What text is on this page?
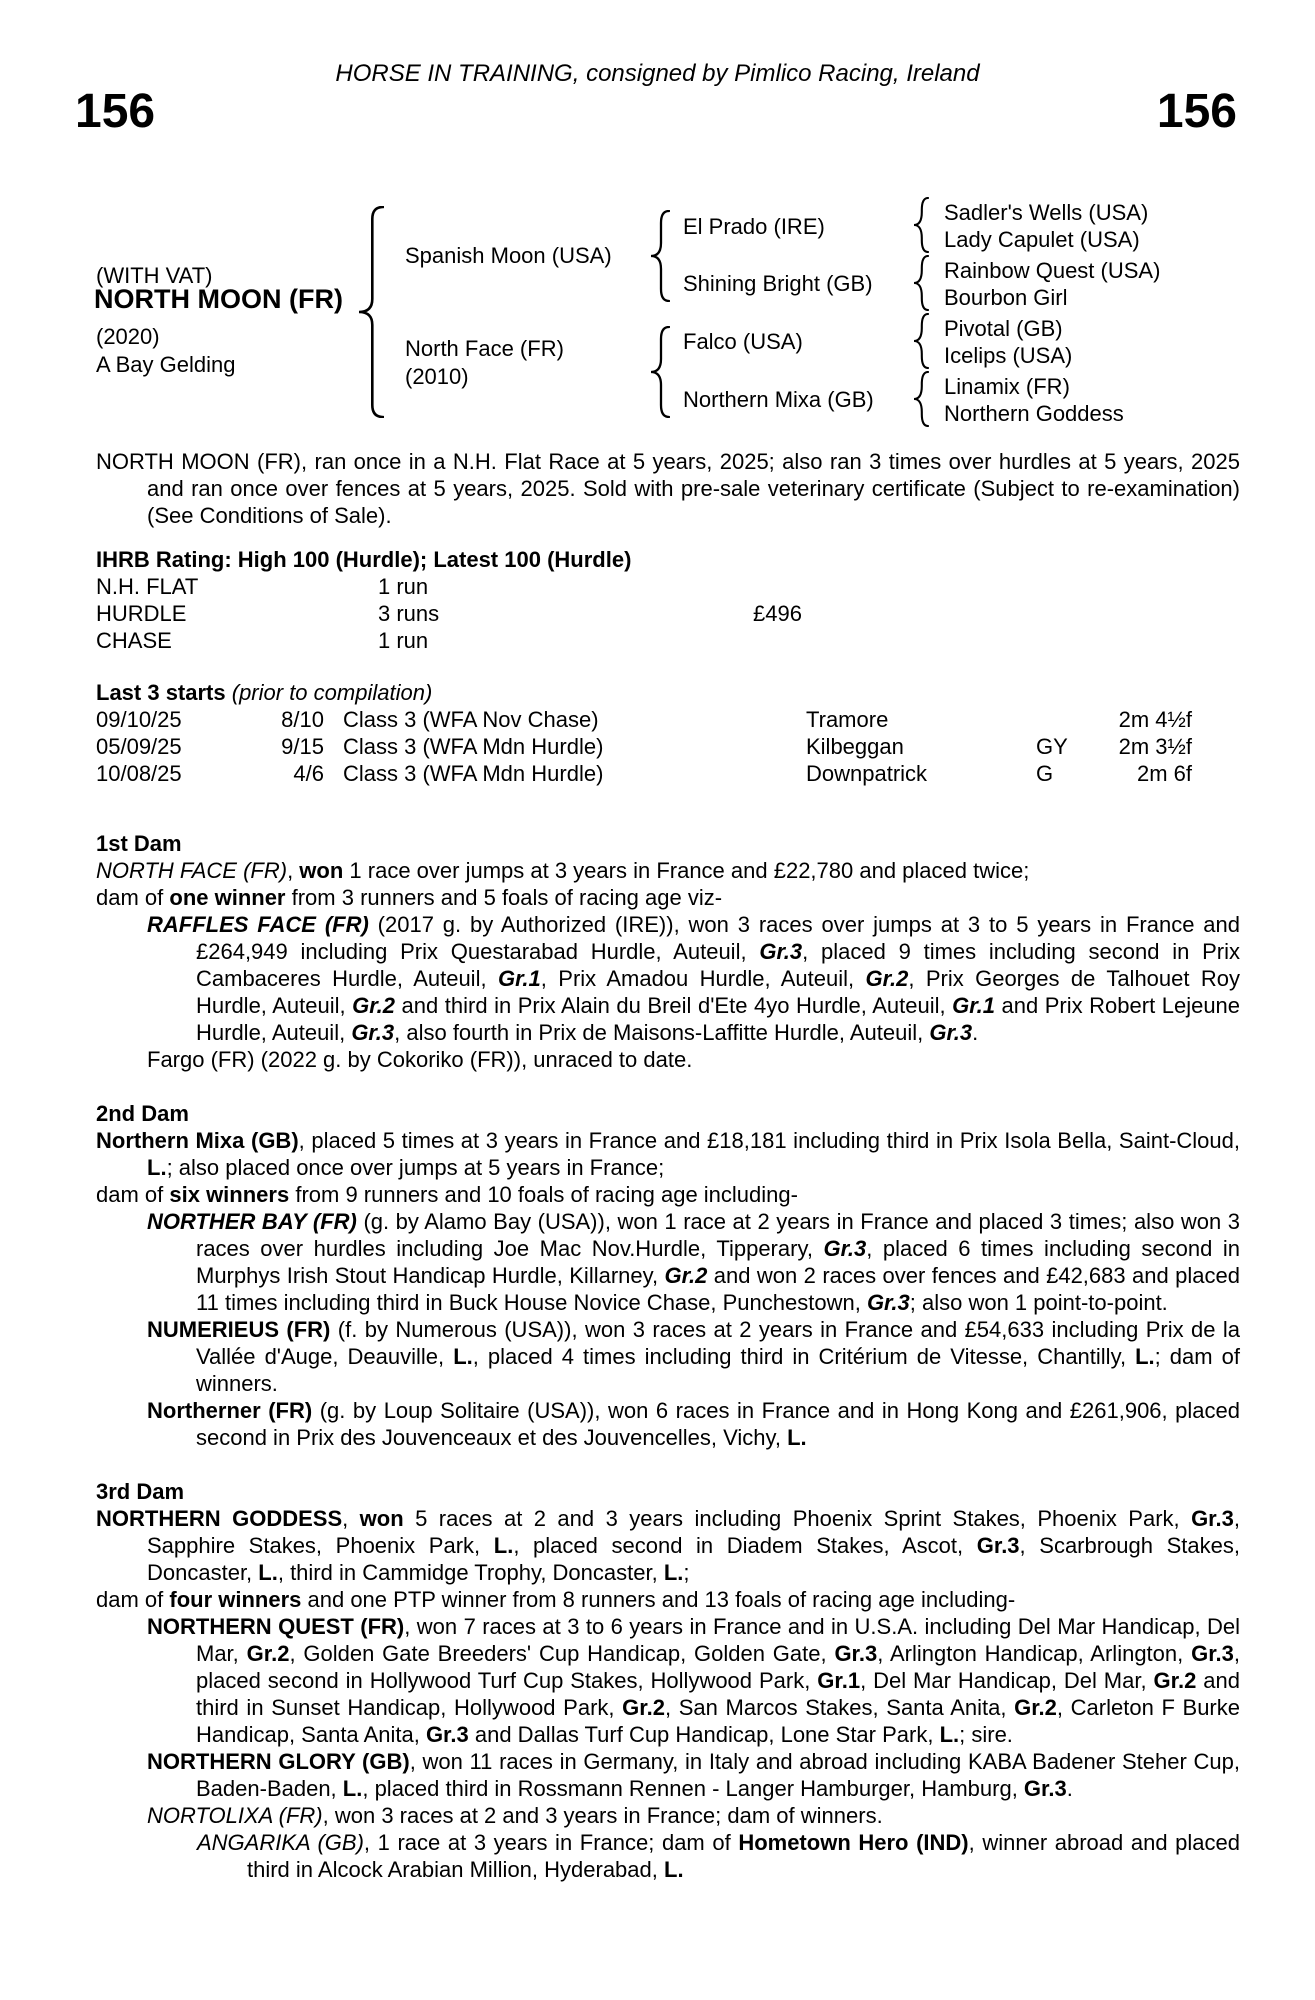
HORSE IN TRAINING, consigned by Pimlico Racing, Ireland
156	156
(WITH VAT)
NORTH MOON (FR)
(2020)
A Bay Gelding
Spanish Moon (USA)
North Face (FR)
(2010)
El Prado (IRE)
Shining Bright (GB)
Falco (USA)
Northern Mixa (GB)
Sadler's Wells (USA)
Lady Capulet (USA)
Rainbow Quest (USA)
Bourbon Girl
Pivotal (GB)
Icelips (USA)
Linamix (FR)
Northern Goddess
NORTH MOON (FR), ran once in a N.H. Flat Race at 5 years, 2025; also ran 3 times over hurdles at 5 years, 2025 and ran once over fences at 5 years, 2025. Sold with pre-sale veterinary certificate (Subject to re-examination) (See Conditions of Sale).
IHRB Rating: High 100 (Hurdle); Latest 100 (Hurdle)
N.H. FLAT	1 run
HURDLE	3 runs	£496
CHASE	1 run
Last 3 starts (prior to compilation)
09/10/25	8/10 Class 3 (WFA Nov Chase)	Tramore	2m 4½f
05/09/25	9/15 Class 3 (WFA Mdn Hurdle)	Kilbeggan	GY	2m 3½f
10/08/25	4/6 Class 3 (WFA Mdn Hurdle)	Downpatrick	G	2m 6f
1st Dam
NORTH FACE (FR), won 1 race over jumps at 3 years in France and £22,780 and placed twice;
dam of one winner from 3 runners and 5 foals of racing age viz-
RAFFLES FACE (FR) (2017 g. by Authorized (IRE)), won 3 races over jumps at 3 to 5 years in France and £264,949 including Prix Questarabad Hurdle, Auteuil, Gr.3, placed 9 times including second in Prix Cambaceres Hurdle, Auteuil, Gr.1, Prix Amadou Hurdle, Auteuil, Gr.2, Prix Georges de Talhouet Roy Hurdle, Auteuil, Gr.2 and third in Prix Alain du Breil d'Ete 4yo Hurdle, Auteuil, Gr.1 and Prix Robert Lejeune Hurdle, Auteuil, Gr.3, also fourth in Prix de Maisons-Laffitte Hurdle, Auteuil, Gr.3.
Fargo (FR) (2022 g. by Cokoriko (FR)), unraced to date.
2nd Dam
Northern Mixa (GB), placed 5 times at 3 years in France and £18,181 including third in Prix Isola Bella, Saint-Cloud, L.; also placed once over jumps at 5 years in France;
dam of six winners from 9 runners and 10 foals of racing age including-
NORTHER BAY (FR) (g. by Alamo Bay (USA)), won 1 race at 2 years in France and placed 3 times; also won 3 races over hurdles including Joe Mac Nov.Hurdle, Tipperary, Gr.3, placed 6 times including second in Murphys Irish Stout Handicap Hurdle, Killarney, Gr.2 and won 2 races over fences and £42,683 and placed 11 times including third in Buck House Novice Chase, Punchestown, Gr.3; also won 1 point-to-point.
NUMERIEUS (FR) (f. by Numerous (USA)), won 3 races at 2 years in France and £54,633 including Prix de la Vallée d'Auge, Deauville, L., placed 4 times including third in Critérium de Vitesse, Chantilly, L.; dam of winners.
Northerner (FR) (g. by Loup Solitaire (USA)), won 6 races in France and in Hong Kong and £261,906, placed second in Prix des Jouvenceaux et des Jouvencelles, Vichy, L.
3rd Dam
NORTHERN GODDESS, won 5 races at 2 and 3 years including Phoenix Sprint Stakes, Phoenix Park, Gr.3, Sapphire Stakes, Phoenix Park, L., placed second in Diadem Stakes, Ascot, Gr.3, Scarbrough Stakes, Doncaster, L., third in Cammidge Trophy, Doncaster, L.;
dam of four winners and one PTP winner from 8 runners and 13 foals of racing age including-
NORTHERN QUEST (FR), won 7 races at 3 to 6 years in France and in U.S.A. including Del Mar Handicap, Del Mar, Gr.2, Golden Gate Breeders' Cup Handicap, Golden Gate, Gr.3, Arlington Handicap, Arlington, Gr.3, placed second in Hollywood Turf Cup Stakes, Hollywood Park, Gr.1, Del Mar Handicap, Del Mar, Gr.2 and third in Sunset Handicap, Hollywood Park, Gr.2, San Marcos Stakes, Santa Anita, Gr.2, Carleton F Burke Handicap, Santa Anita, Gr.3 and Dallas Turf Cup Handicap, Lone Star Park, L.; sire.
NORTHERN GLORY (GB), won 11 races in Germany, in Italy and abroad including KABA Badener Steher Cup, Baden-Baden, L., placed third in Rossmann Rennen - Langer Hamburger, Hamburg, Gr.3.
NORTOLIXA (FR), won 3 races at 2 and 3 years in France; dam of winners.
ANGARIKA (GB), 1 race at 3 years in France; dam of Hometown Hero (IND), winner abroad and placed third in Alcock Arabian Million, Hyderabad, L.
